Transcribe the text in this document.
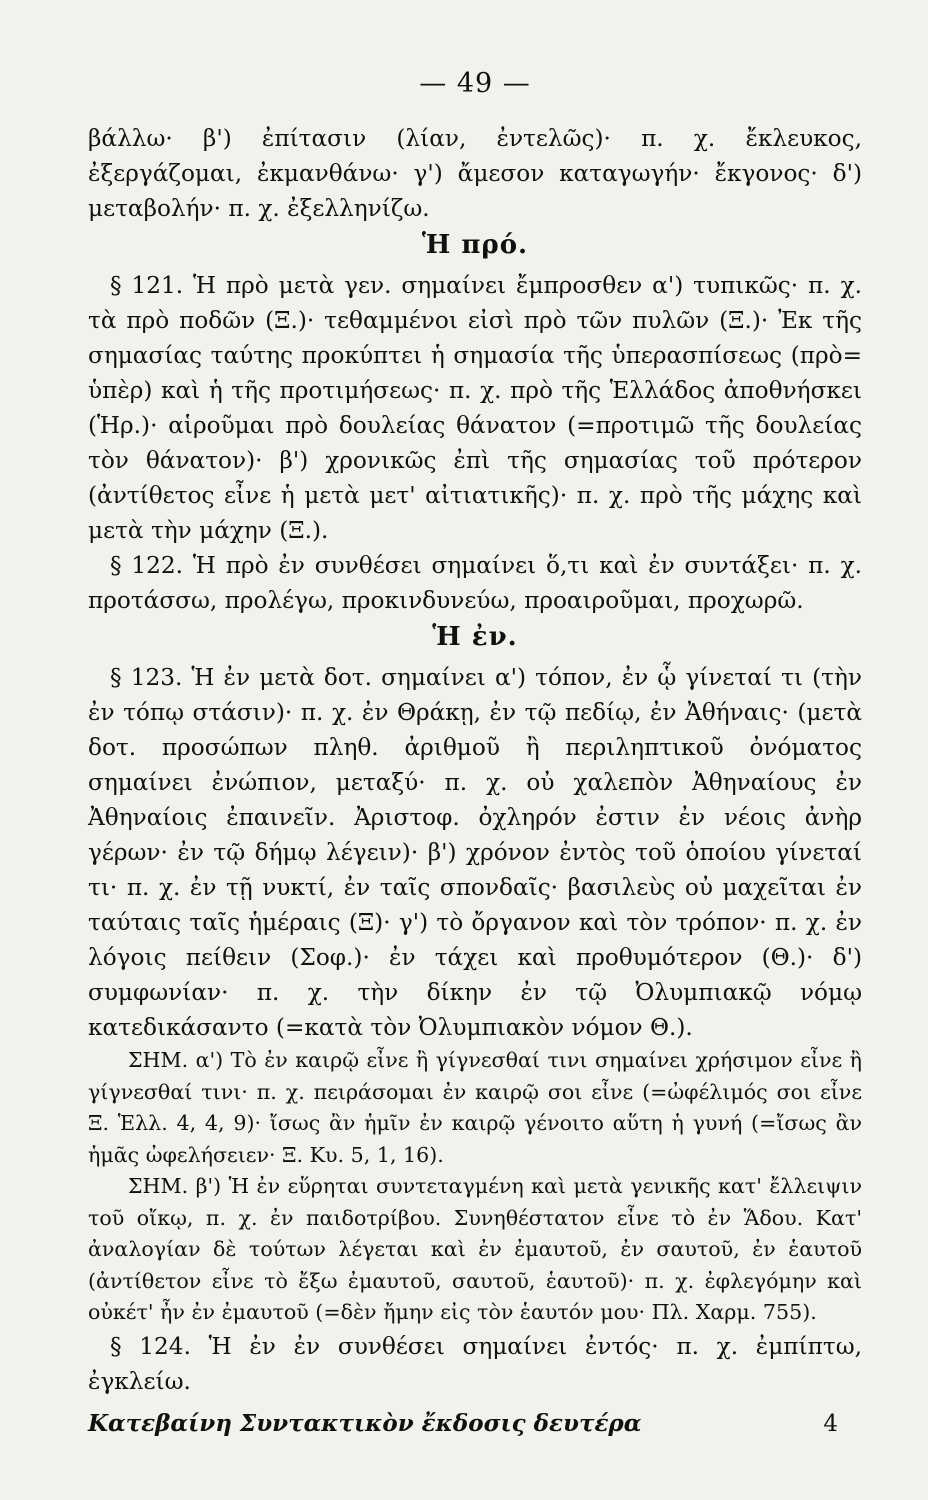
— 49 —

βάλλω· β') ἐπίτασιν (λίαν, ἐντελῶς)· π. χ. ἔκλευκος, ἐξεργάζομαι, ἐκμανθάνω· γ') ἄμεσον καταγωγήν· ἔκγονος· δ') μεταβολήν· π. χ. ἐξελληνίζω.

Ἡ πρό.

§ 121. Ἡ πρὸ μετὰ γεν. σημαίνει ἔμπροσθεν α') τυπικῶς· π. χ. τὰ πρὸ ποδῶν (Ξ.)· τεθαμμένοι εἰσὶ πρὸ τῶν πυλῶν (Ξ.)· Ἐκ τῆς σημασίας ταύτης προκύπτει ἡ σημασία τῆς ὑπερασπίσεως (πρὸ= ὑπὲρ) καὶ ἡ τῆς προτιμήσεως· π. χ. πρὸ τῆς Ἑλλάδος ἀποθνήσκει (Ἡρ.)· αἱροῦμαι πρὸ δουλείας θάνατον (=προτιμῶ τῆς δουλείας τὸν θάνατον)· β') χρονικῶς ἐπὶ τῆς σημασίας τοῦ πρότερον (ἀντίθετος εἶνε ἡ μετὰ μετ' αἰτιατικῆς)· π. χ. πρὸ τῆς μάχης καὶ μετὰ τὴν μάχην (Ξ.).

§ 122. Ἡ πρὸ ἐν συνθέσει σημαίνει ὅ,τι καὶ ἐν συντάξει· π. χ. προτάσσω, προλέγω, προκινδυνεύω, προαιροῦμαι, προχωρῶ.

Ἡ ἐν.

§ 123. Ἡ ἐν μετὰ δοτ. σημαίνει α') τόπον, ἐν ᾧ γίνεταί τι (τὴν ἐν τόπῳ στάσιν)· π. χ. ἐν Θράκῃ, ἐν τῷ πεδίῳ, ἐν Ἀθήναις· (μετὰ δοτ. προσώπων πληθ. ἀριθμοῦ ἢ περιληπτικοῦ ὀνόματος σημαίνει ἐνώπιον, μεταξύ· π. χ. οὐ χαλεπὸν Ἀθηναίους ἐν Ἀθηναίοις ἐπαινεῖν. Ἀριστοφ. ὀχληρόν ἐστιν ἐν νέοις ἀνὴρ γέρων· ἐν τῷ δήμῳ λέγειν)· β') χρόνον ἐντὸς τοῦ ὁποίου γίνεταί τι· π. χ. ἐν τῇ νυκτί, ἐν ταῖς σπονδαῖς· βασιλεὺς οὐ μαχεῖται ἐν ταύταις ταῖς ἡμέραις (Ξ)· γ') τὸ ὄργανον καὶ τὸν τρόπον· π. χ. ἐν λόγοις πείθειν (Σοφ.)· ἐν τάχει καὶ προθυμότερον (Θ.)· δ') συμφωνίαν· π. χ. τὴν δίκην ἐν τῷ Ὀλυμπιακῷ νόμῳ κατεδικάσαντο (=κατὰ τὸν Ὀλυμπιακὸν νόμον Θ.).

ΣΗΜ. α') Τὸ ἐν καιρῷ εἶνε ἢ γίγνεσθαί τινι σημαίνει χρήσιμον εἶνε ἢ γίγνεσθαί τινι· π. χ. πειράσομαι ἐν καιρῷ σοι εἶνε (=ὠφέλιμός σοι εἶνε Ξ. Ἑλλ. 4, 4, 9)· ἴσως ἂν ἡμῖν ἐν καιρῷ γένοιτο αὕτη ἡ γυνή (=ἴσως ἂν ἡμᾶς ὠφελήσειεν· Ξ. Κυ. 5, 1, 16).

ΣΗΜ. β') Ἡ ἐν εὕρηται συντεταγμένη καὶ μετὰ γενικῆς κατ' ἔλλειψιν τοῦ οἴκῳ, π. χ. ἐν παιδοτρίβου. Συνηθέστατον εἶνε τὸ ἐν Ἅδου. Κατ' ἀναλογίαν δὲ τούτων λέγεται καὶ ἐν ἐμαυτοῦ, ἐν σαυτοῦ, ἐν ἑαυτοῦ (ἀντίθετον εἶνε τὸ ἔξω ἐμαυτοῦ, σαυτοῦ, ἑαυτοῦ)· π. χ. ἐφλεγόμην καὶ οὐκέτ' ἦν ἐν ἐμαυτοῦ (=δὲν ἤμην εἰς τὸν ἑαυτόν μου· Πλ. Χαρμ. 755).

§ 124. Ἡ ἐν ἐν συνθέσει σημαίνει ἐντός· π. χ. ἐμπίπτω, ἐγκλείω.

Κατεβαίνη Συντακτικὸν ἔκδοσις δευτέρα	4
